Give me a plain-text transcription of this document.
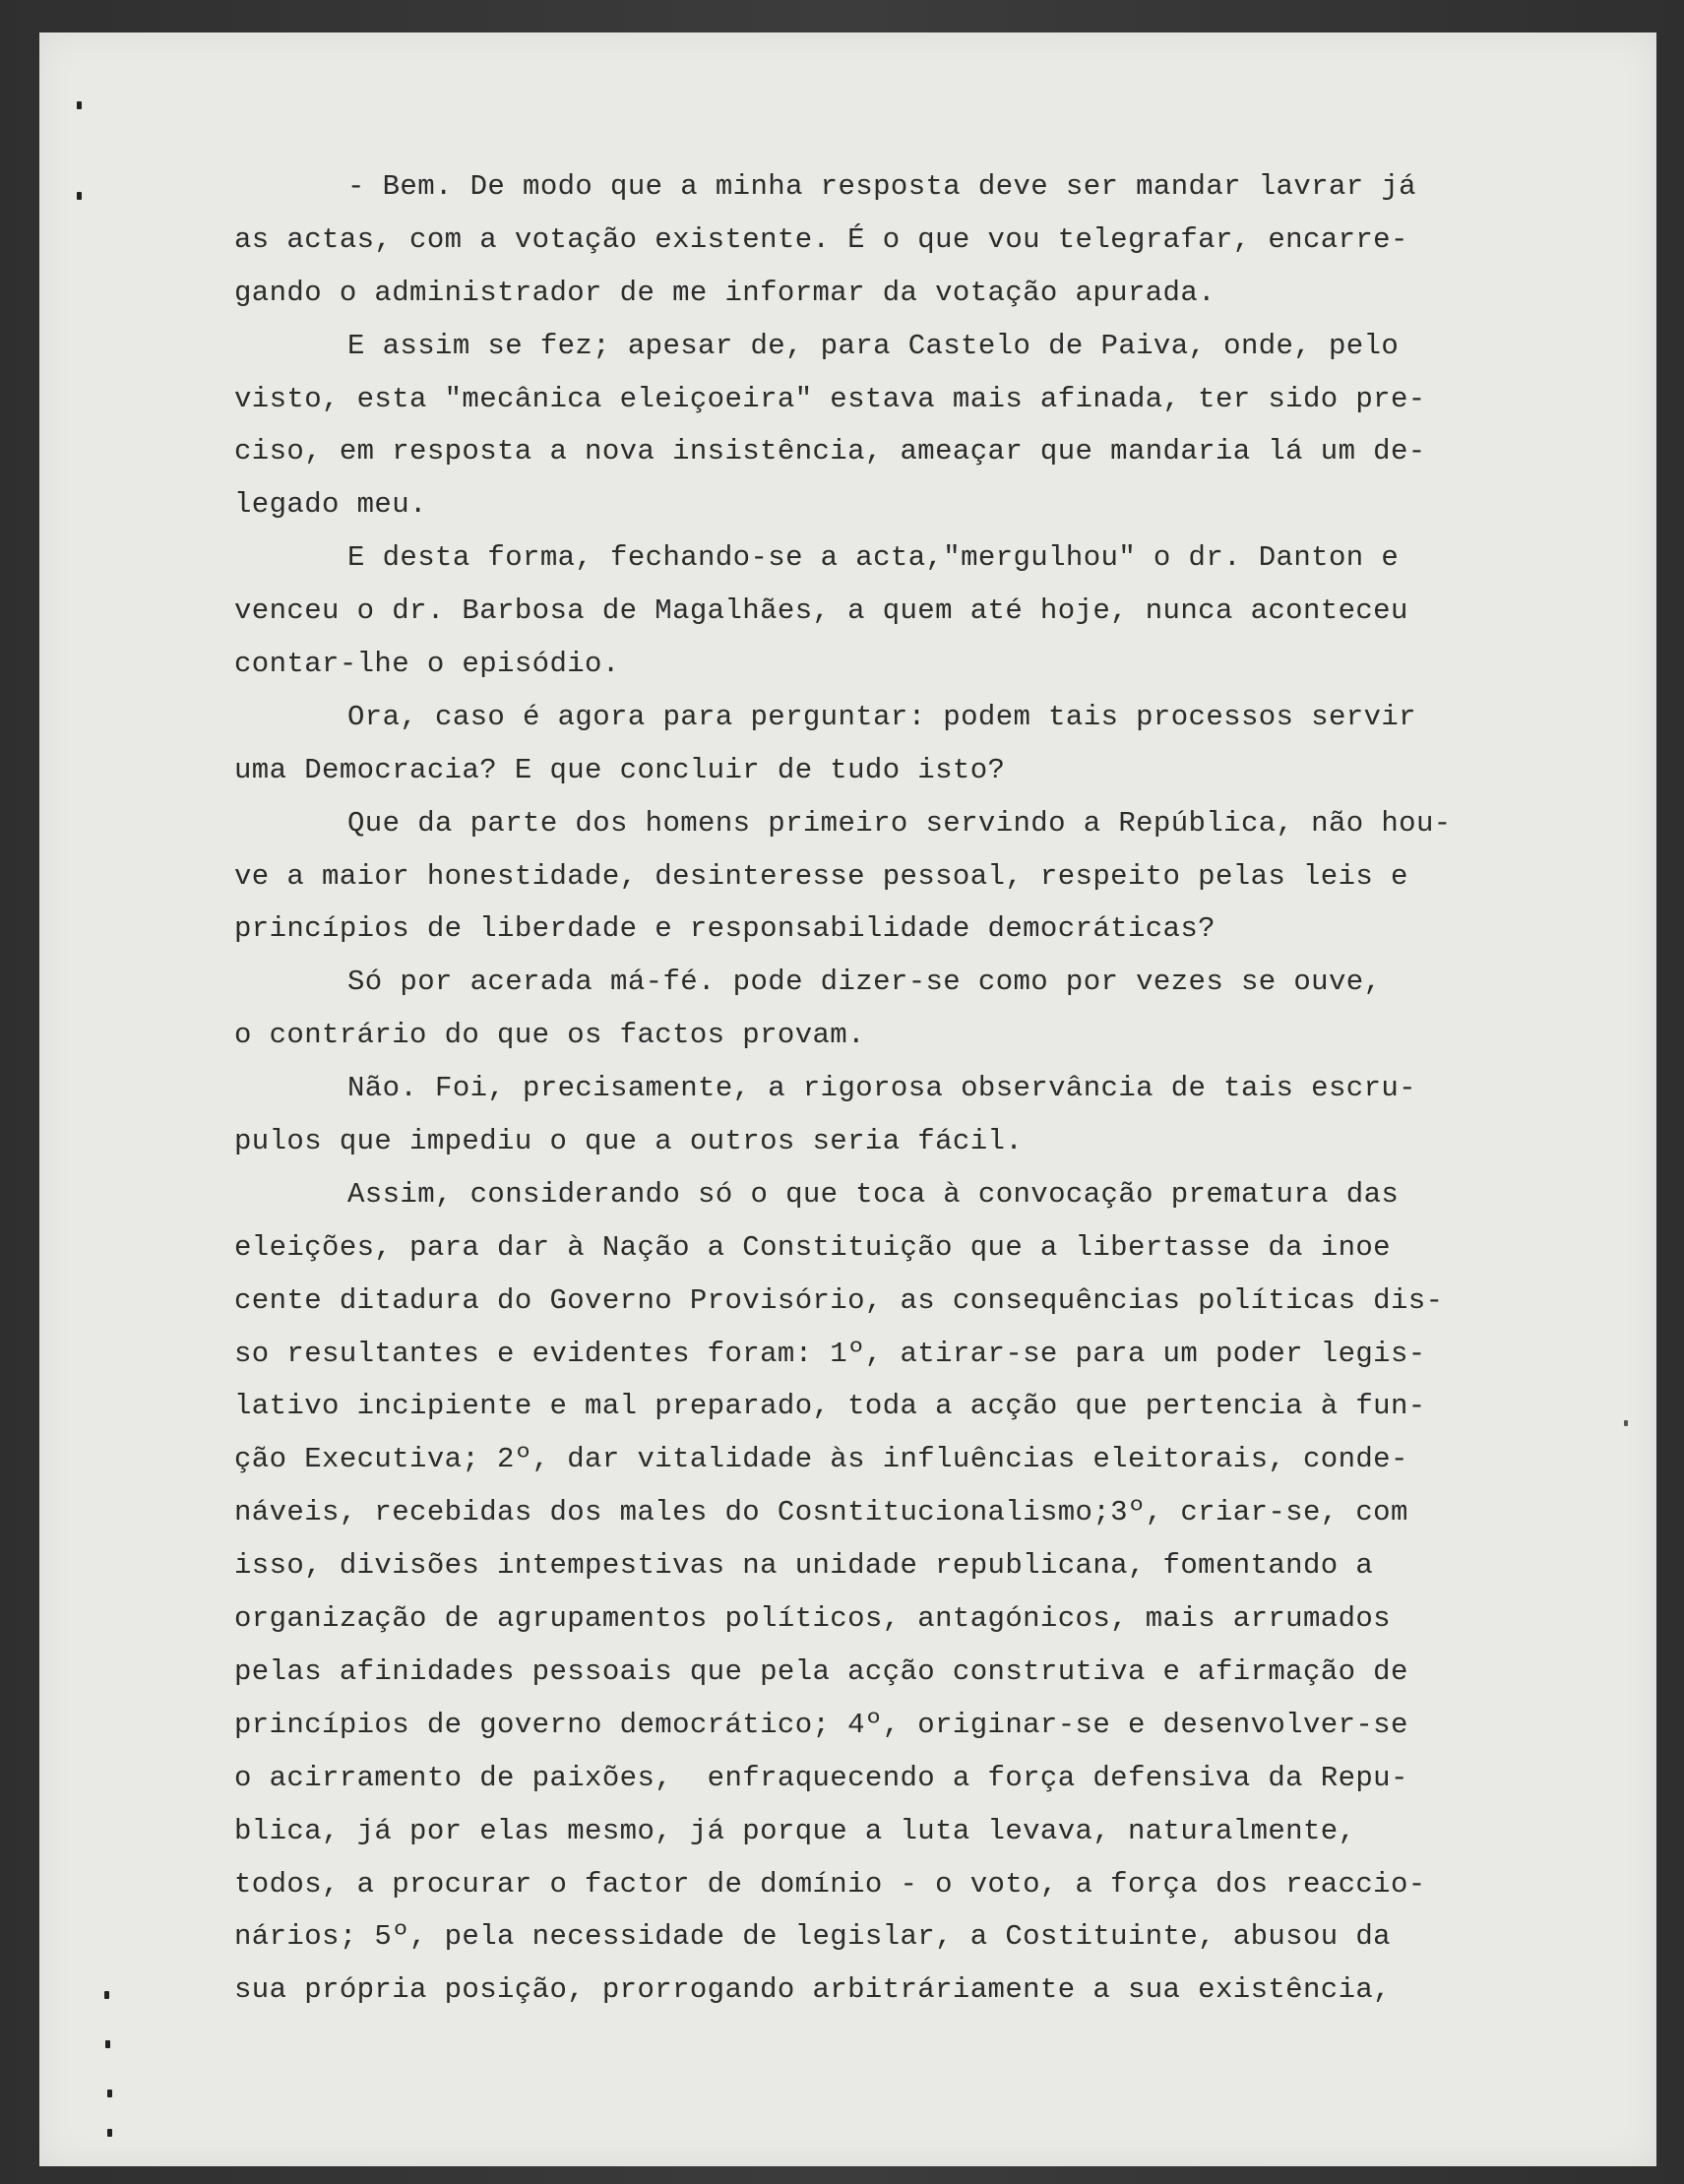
- Bem. De modo que a minha resposta deve ser mandar lavrar já
as actas, com a votação existente. É o que vou telegrafar, encarre-
gando o administrador de me informar da votação apurada.
E assim se fez; apesar de, para Castelo de Paiva, onde, pelo
visto, esta "mecânica eleiçoeira" estava mais afinada, ter sido pre-
ciso, em resposta a nova insistência, ameaçar que mandaria lá um de-
legado meu.
E desta forma, fechando-se a acta,"mergulhou" o dr. Danton e
venceu o dr. Barbosa de Magalhães, a quem até hoje, nunca aconteceu
contar-lhe o episódio.
Ora, caso é agora para perguntar: podem tais processos servir
uma Democracia? E que concluir de tudo isto?
Que da parte dos homens primeiro servindo a República, não hou-
ve a maior honestidade, desinteresse pessoal, respeito pelas leis e
princípios de liberdade e responsabilidade democráticas?
Só por acerada má-fé. pode dizer-se como por vezes se ouve,
o contrário do que os factos provam.
Não. Foi, precisamente, a rigorosa observância de tais escru-
pulos que impediu o que a outros seria fácil.
Assim, considerando só o que toca à convocação prematura das
eleições, para dar à Nação a Constituição que a libertasse da inoe
cente ditadura do Governo Provisório, as consequências políticas dis-
so resultantes e evidentes foram: 1º, atirar-se para um poder legis-
lativo incipiente e mal preparado, toda a acção que pertencia à fun-
ção Executiva; 2º, dar vitalidade às influências eleitorais, conde-
náveis, recebidas dos males do Cosntitucionalismo;3º, criar-se, com
isso, divisões intempestivas na unidade republicana, fomentando a
organização de agrupamentos políticos, antagónicos, mais arrumados
pelas afinidades pessoais que pela acção construtiva e afirmação de
princípios de governo democrático; 4º, originar-se e desenvolver-se
o acirramento de paixões,  enfraquecendo a força defensiva da Repu-
blica, já por elas mesmo, já porque a luta levava, naturalmente,
todos, a procurar o factor de domínio - o voto, a força dos reaccio-
nários; 5º, pela necessidade de legislar, a Costituinte, abusou da
sua própria posição, prorrogando arbitráriamente a sua existência,
